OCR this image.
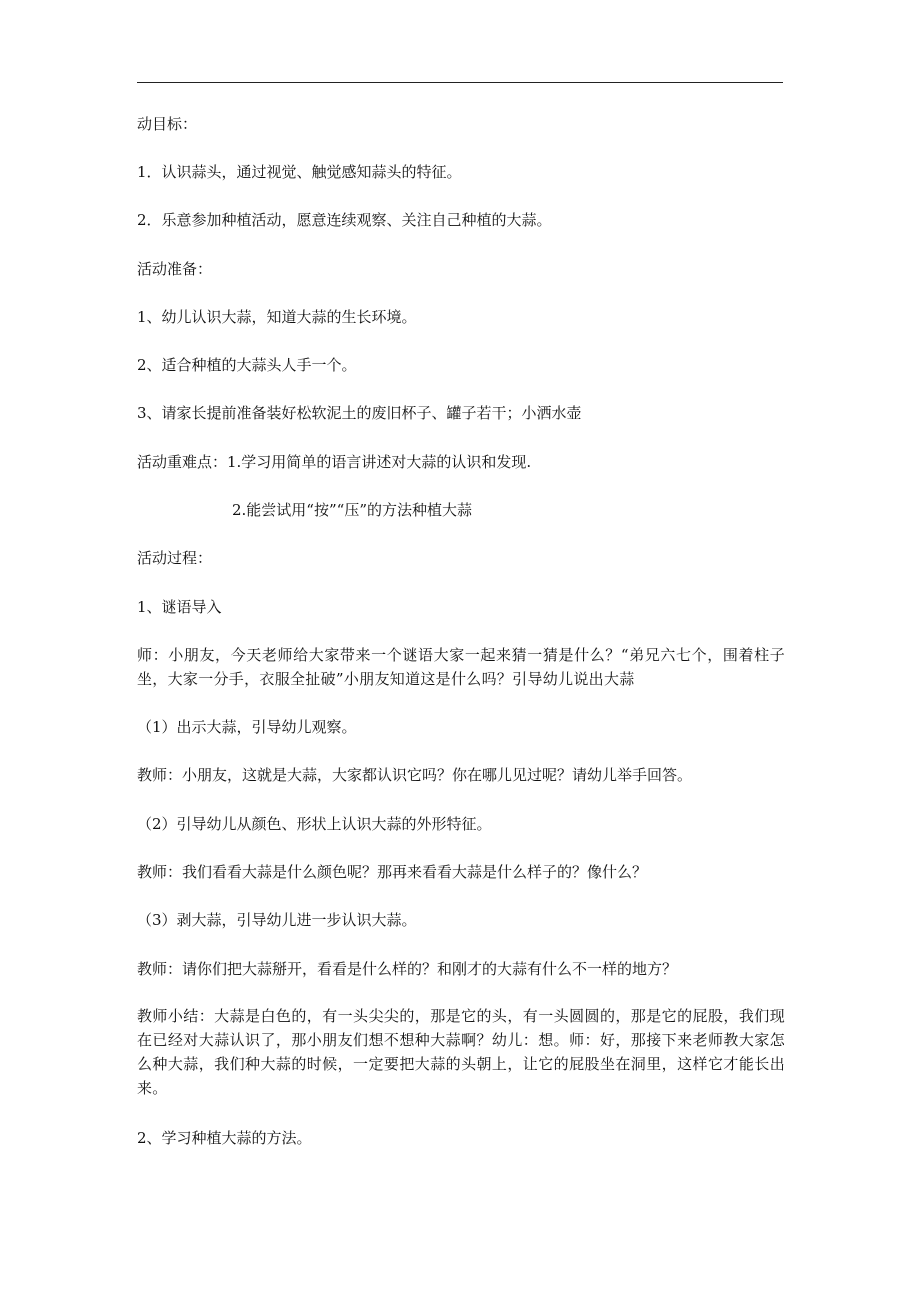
动目标：
1．认识蒜头，通过视觉、触觉感知蒜头的特征。
2．乐意参加种植活动，愿意连续观察、关注自己种植的大蒜。
活动准备：
1、幼儿认识大蒜，知道大蒜的生长环境。
2、适合种植的大蒜头人手一个。
3、请家长提前准备装好松软泥土的废旧杯子、罐子若干；小洒水壶
活动重难点：1.学习用简单的语言讲述对大蒜的认识和发现.
2.能尝试用“按”“压”的方法种植大蒜
活动过程：
1、谜语导入
师：小朋友，今天老师给大家带来一个谜语大家一起来猜一猜是什么？“弟兄六七个，围着柱子坐，大家一分手，衣服全扯破”小朋友知道这是什么吗？引导幼儿说出大蒜
（1）出示大蒜，引导幼儿观察。
教师：小朋友，这就是大蒜，大家都认识它吗？你在哪儿见过呢？请幼儿举手回答。
（2）引导幼儿从颜色、形状上认识大蒜的外形特征。
教师：我们看看大蒜是什么颜色呢？那再来看看大蒜是什么样子的？像什么？
（3）剥大蒜，引导幼儿进一步认识大蒜。
教师：请你们把大蒜掰开，看看是什么样的？和刚才的大蒜有什么不一样的地方？
教师小结：大蒜是白色的，有一头尖尖的，那是它的头，有一头圆圆的，那是它的屁股，我们现在已经对大蒜认识了，那小朋友们想不想种大蒜啊？幼儿：想。师：好，那接下来老师教大家怎么种大蒜，我们种大蒜的时候，一定要把大蒜的头朝上，让它的屁股坐在洞里，这样它才能长出来。
2、学习种植大蒜的方法。
